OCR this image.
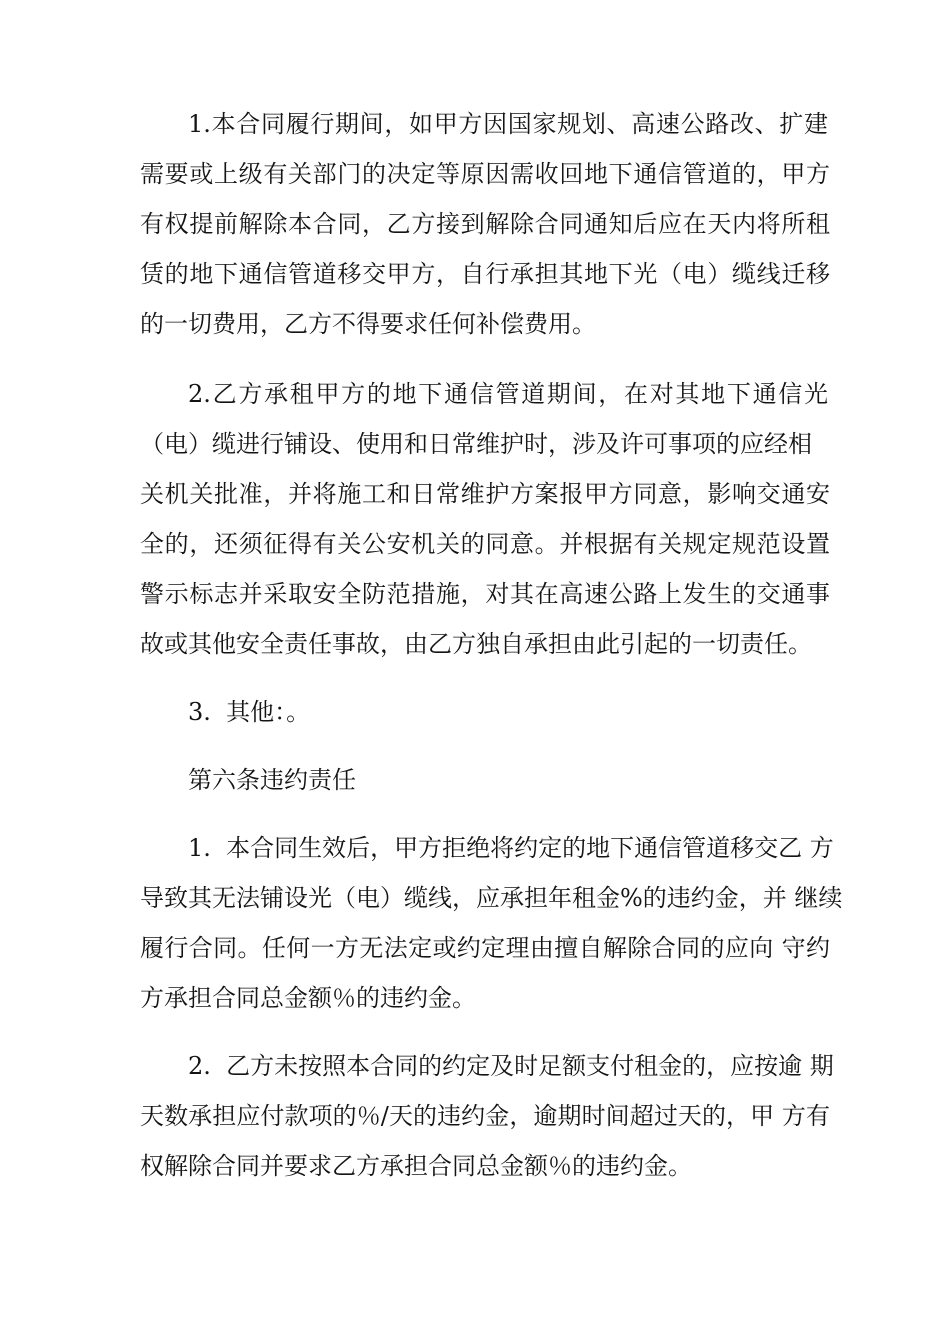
1.本合同履行期间，如甲方因国家规划、高速公路改、扩建
需要或上级有关部门的决定等原因需收回地下通信管道的，甲方
有权提前解除本合同，乙方接到解除合同通知后应在天内将所租
赁的地下通信管道移交甲方，自行承担其地下光（电）缆线迁移
的一切费用，乙方不得要求任何补偿费用。
2.乙方承租甲方的地下通信管道期间，在对其地下通信光
（电）缆进行铺设、使用和日常维护时，涉及许可事项的应经相
关机关批准，并将施工和日常维护方案报甲方同意，影响交通安
全的，还须征得有关公安机关的同意。并根据有关规定规范设置
警示标志并采取安全防范措施，对其在高速公路上发生的交通事
故或其他安全责任事故，由乙方独自承担由此引起的一切责任。
3.  其他：。
第六条违约责任
1.  本合同生效后，甲方拒绝将约定的地下通信管道移交乙 方
导致其无法铺设光（电）缆线，应承担年租金%的违约金，并 继续
履行合同。任何一方无法定或约定理由擅自解除合同的应向 守约
方承担合同总金额％的违约金。
2.  乙方未按照本合同的约定及时足额支付租金的，应按逾 期
天数承担应付款项的％/天的违约金，逾期时间超过天的，甲 方有
权解除合同并要求乙方承担合同总金额％的违约金。
